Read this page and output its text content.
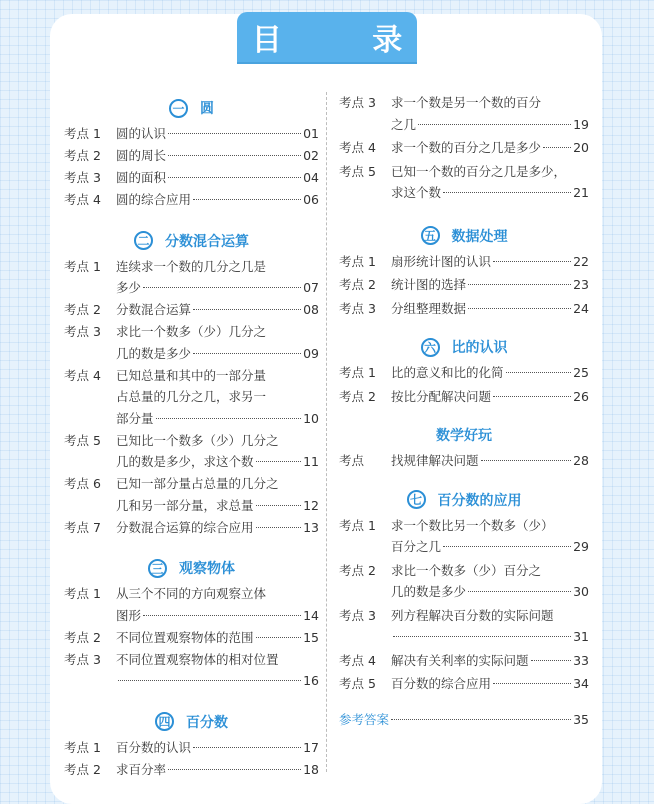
目 录
一 圆
考点 1	圆的认识	01
考点 2	圆的周长	02
考点 3	圆的面积	04
考点 4	圆的综合应用	06
二 分数混合运算
考点 1	连续求一个数的几分之几是
多少	07
考点 2	分数混合运算	08
考点 3	求比一个数多（少）几分之
几的数是多少	09
考点 4	已知总量和其中的一部分量
占总量的几分之几，求另一
部分量	10
考点 5	已知比一个数多（少）几分之
几的数是多少，求这个数	11
考点 6	已知一部分量占总量的几分之
几和另一部分量，求总量	12
考点 7	分数混合运算的综合应用	13
三 观察物体
考点 1	从三个不同的方向观察立体
图形	14
考点 2	不同位置观察物体的范围	15
考点 3	不同位置观察物体的相对位置
16
四 百分数
考点 1	百分数的认识	17
考点 2	求百分率	18
考点 3	求一个数是另一个数的百分
之几	19
考点 4	求一个数的百分之几是多少	20
考点 5	已知一个数的百分之几是多少，
求这个数	21
五 数据处理
考点 1	扇形统计图的认识	22
考点 2	统计图的选择	23
考点 3	分组整理数据	24
六 比的认识
考点 1	比的意义和比的化简	25
考点 2	按比分配解决问题	26
数学好玩
考点	找规律解决问题	28
七 百分数的应用
考点 1	求一个数比另一个数多（少）
百分之几	29
考点 2	求比一个数多（少）百分之
几的数是多少	30
考点 3	列方程解决百分数的实际问题
31
考点 4	解决有关利率的实际问题	33
考点 5	百分数的综合应用	34
参考答案	35
